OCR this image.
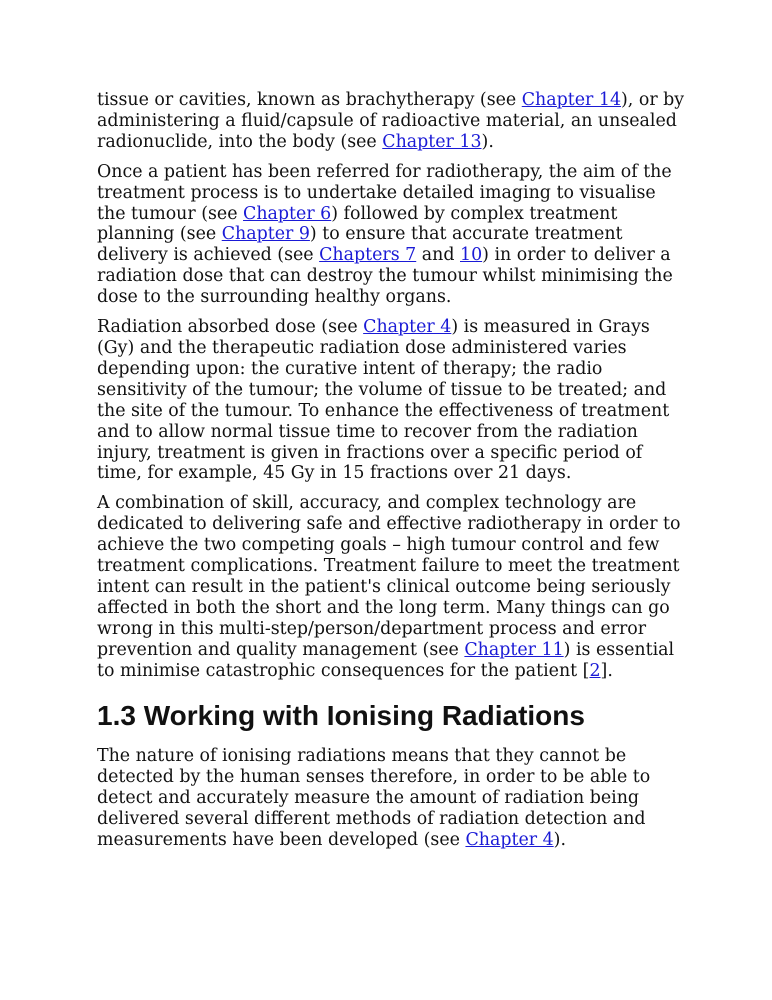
tissue or cavities, known as brachytherapy (see Chapter 14), or by administering a fluid/capsule of radioactive material, an unsealed radionuclide, into the body (see Chapter 13).

Once a patient has been referred for radiotherapy, the aim of the treatment process is to undertake detailed imaging to visualise the tumour (see Chapter 6) followed by complex treatment planning (see Chapter 9) to ensure that accurate treatment delivery is achieved (see Chapters 7 and 10) in order to deliver a radiation dose that can destroy the tumour whilst minimising the dose to the surrounding healthy organs.

Radiation absorbed dose (see Chapter 4) is measured in Grays (Gy) and the therapeutic radiation dose administered varies depending upon: the curative intent of therapy; the radio sensitivity of the tumour; the volume of tissue to be treated; and the site of the tumour. To enhance the effectiveness of treatment and to allow normal tissue time to recover from the radiation injury, treatment is given in fractions over a specific period of time, for example, 45 Gy in 15 fractions over 21 days.

A combination of skill, accuracy, and complex technology are dedicated to delivering safe and effective radiotherapy in order to achieve the two competing goals – high tumour control and few treatment complications. Treatment failure to meet the treatment intent can result in the patient's clinical outcome being seriously affected in both the short and the long term. Many things can go wrong in this multi-step/person/department process and error prevention and quality management (see Chapter 11) is essential to minimise catastrophic consequences for the patient [2].

1.3 Working with Ionising Radiations

The nature of ionising radiations means that they cannot be detected by the human senses therefore, in order to be able to detect and accurately measure the amount of radiation being delivered several different methods of radiation detection and measurements have been developed (see Chapter 4).
